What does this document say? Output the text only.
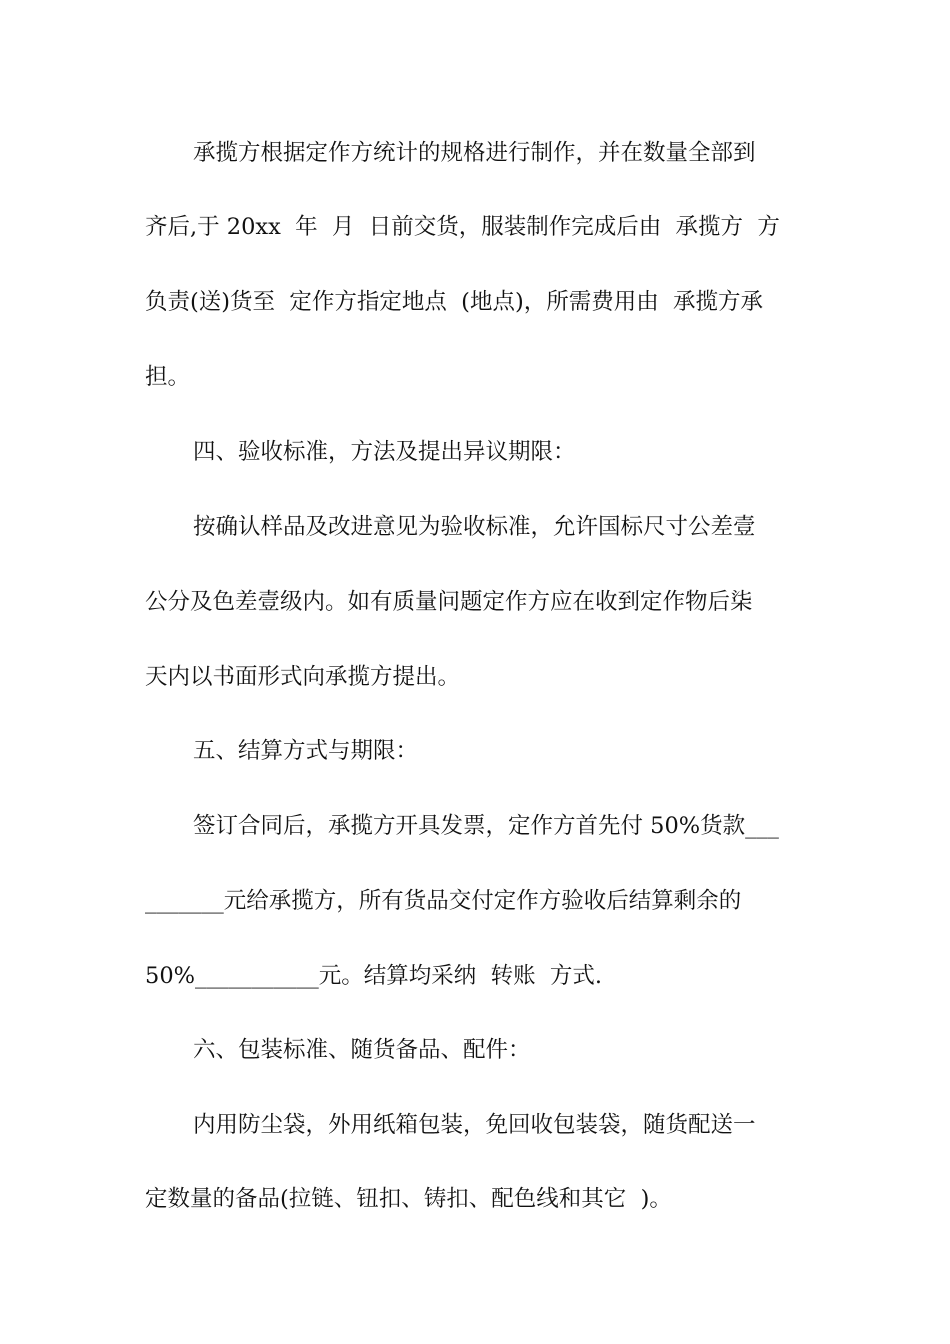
承揽方根据定作方统计的规格进行制作，并在数量全部到
齐后,于 20xx  年  月  日前交货，服装制作完成后由  承揽方  方
负责(送)货至  定作方指定地点  (地点)，所需费用由  承揽方承
担。
四、验收标准，方法及提出异议期限：
按确认样品及改进意见为验收标准，允许国标尺寸公差壹
公分及色差壹级内。如有质量问题定作方应在收到定作物后柒
天内以书面形式向承揽方提出。
五、结算方式与期限：
签订合同后，承揽方开具发票，定作方首先付 50%货款___
_______元给承揽方，所有货品交付定作方验收后结算剩余的
50%___________元。结算均采纳  转账  方式.
六、包装标准、随货备品、配件：
内用防尘袋，外用纸箱包装，免回收包装袋，随货配送一
定数量的备品(拉链、钮扣、铸扣、配色线和其它  )。
